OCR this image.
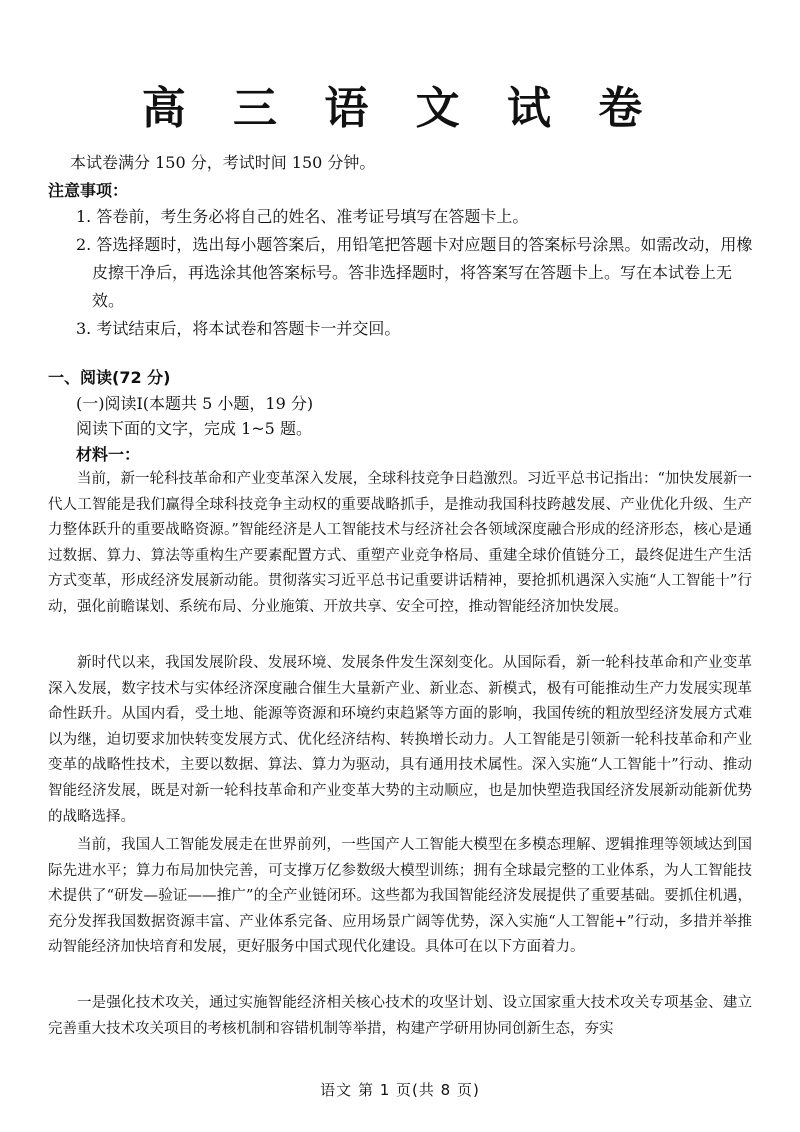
高 三 语 文 试 卷
本试卷满分 150 分，考试时间 150 分钟。
注意事项：
1. 答卷前，考生务必将自己的姓名、准考证号填写在答题卡上。
2. 答选择题时，选出每小题答案后，用铅笔把答题卡对应题目的答案标号涂黑。如需改动，用橡
皮擦干净后，再选涂其他答案标号。答非选择题时，将答案写在答题卡上。写在本试卷上无
效。
3. 考试结束后，将本试卷和答题卡一并交回。
一、阅读(72 分)
(一)阅读Ⅰ(本题共 5 小题，19 分)
阅读下面的文字，完成 1~5 题。
材料一：

当前，新一轮科技革命和产业变革深入发展，全球科技竞争日趋激烈。习近平总书记指出：“加快发展新一代人工智能是我们赢得全球科技竞争主动权的重要战略抓手，是推动我国科技跨越发展、产业优化升级、生产力整体跃升的重要战略资源。”智能经济是人工智能技术与经济社会各领域深度融合形成的经济形态，核心是通过数据、算力、算法等重构生产要素配置方式、重塑产业竞争格局、重建全球价值链分工，最终促进生产生活方式变革，形成经济发展新动能。贯彻落实习近平总书记重要讲话精神，要抢抓机遇深入实施“人工智能十”行动，强化前瞻谋划、系统布局、分业施策、开放共享、安全可控，推动智能经济加快发展。

新时代以来，我国发展阶段、发展环境、发展条件发生深刻变化。从国际看，新一轮科技革命和产业变革深入发展，数字技术与实体经济深度融合催生大量新产业、新业态、新模式，极有可能推动生产力发展实现革命性跃升。从国内看，受土地、能源等资源和环境约束趋紧等方面的影响，我国传统的粗放型经济发展方式难以为继，迫切要求加快转变发展方式、优化经济结构、转换增长动力。人工智能是引领新一轮科技革命和产业变革的战略性技术，主要以数据、算法、算力为驱动，具有通用技术属性。深入实施“人工智能十”行动、推动智能经济发展，既是对新一轮科技革命和产业变革大势的主动顺应，也是加快塑造我国经济发展新动能新优势的战略选择。

当前，我国人工智能发展走在世界前列，一些国产人工智能大模型在多模态理解、逻辑推理等领域达到国际先进水平；算力布局加快完善，可支撑万亿参数级大模型训练；拥有全球最完整的工业体系，为人工智能技术提供了“研发—验证——推广”的全产业链闭环。这些都为我国智能经济发展提供了重要基础。要抓住机遇，充分发挥我国数据资源丰富、产业体系完备、应用场景广阔等优势，深入实施“人工智能+”行动，多措并举推动智能经济加快培育和发展，更好服务中国式现代化建设。具体可在以下方面着力。

一是强化技术攻关，通过实施智能经济相关核心技术的攻坚计划、设立国家重大技术攻关专项基金、建立完善重大技术攻关项目的考核机制和容错机制等举措，构建产学研用协同创新生态，夯实

语文 第 1 页(共 8 页)
